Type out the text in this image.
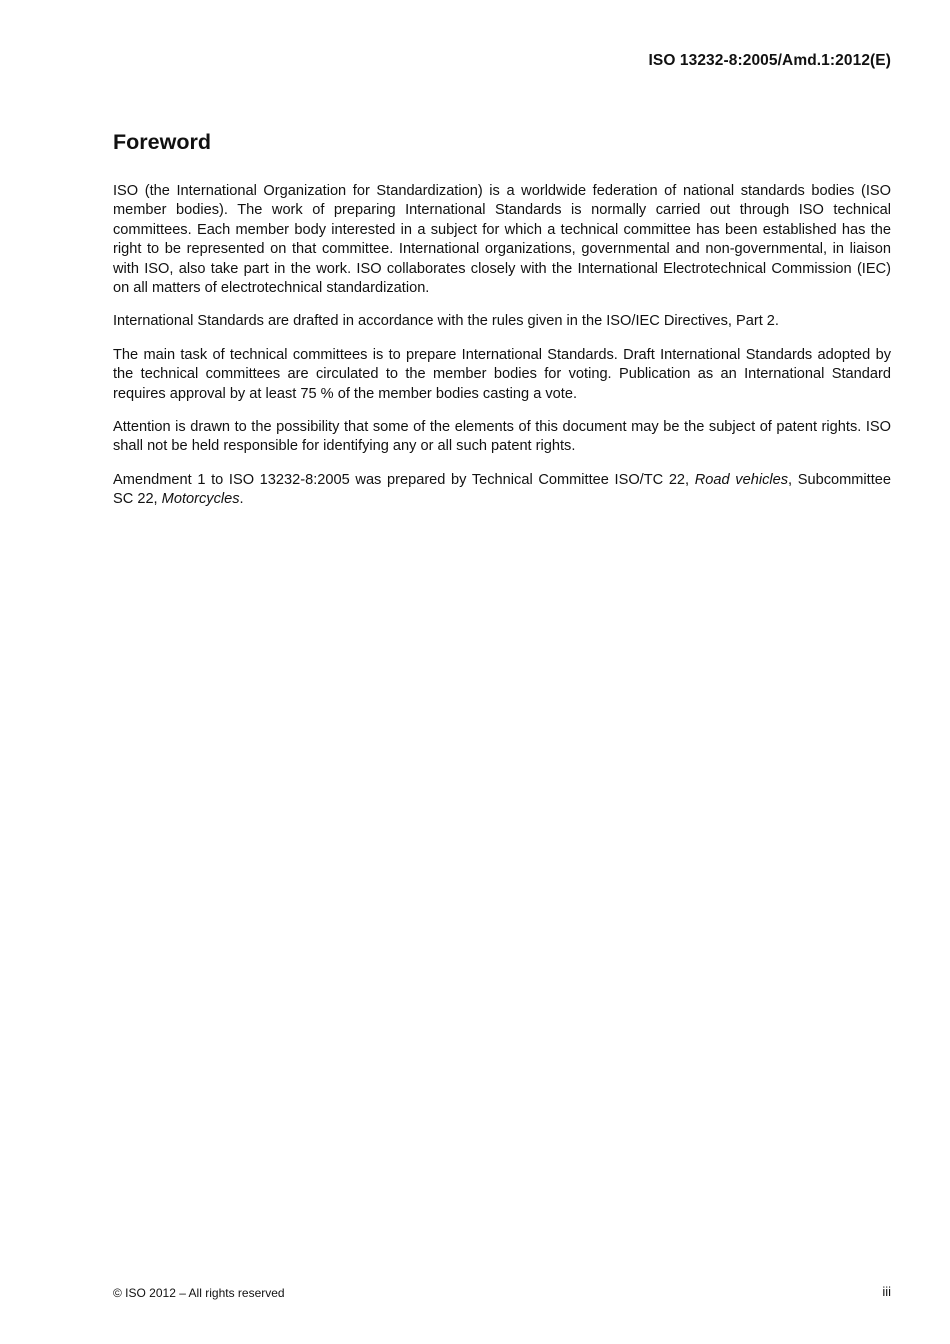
ISO 13232-8:2005/Amd.1:2012(E)
Foreword

ISO (the International Organization for Standardization) is a worldwide federation of national standards bodies (ISO member bodies). The work of preparing International Standards is normally carried out through ISO technical committees. Each member body interested in a subject for which a technical committee has been established has the right to be represented on that committee. International organizations, governmental and non-governmental, in liaison with ISO, also take part in the work. ISO collaborates closely with the International Electrotechnical Commission (IEC) on all matters of electrotechnical standardization.

International Standards are drafted in accordance with the rules given in the ISO/IEC Directives, Part 2.

The main task of technical committees is to prepare International Standards. Draft International Standards adopted by the technical committees are circulated to the member bodies for voting. Publication as an International Standard requires approval by at least 75 % of the member bodies casting a vote.

Attention is drawn to the possibility that some of the elements of this document may be the subject of patent rights. ISO shall not be held responsible for identifying any or all such patent rights.

Amendment 1 to ISO 13232-8:2005 was prepared by Technical Committee ISO/TC 22, Road vehicles, Subcommittee SC 22, Motorcycles.

© ISO 2012 – All rights reserved	iii
